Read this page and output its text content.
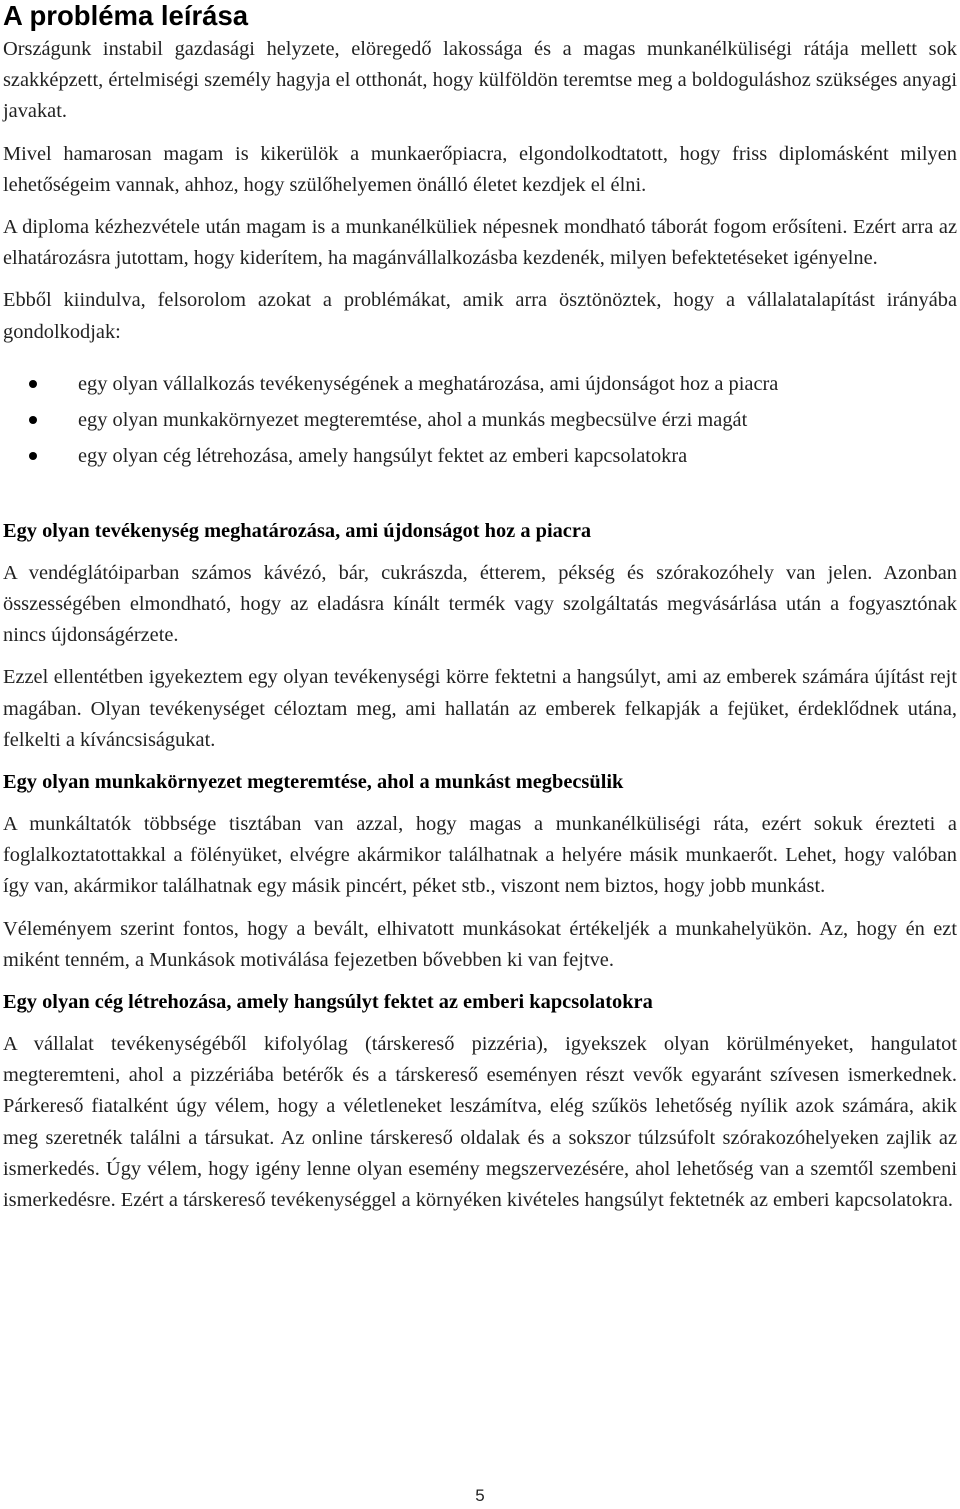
A probléma leírása

Országunk instabil gazdasági helyzete, elöregedő lakossága és a magas munkanélküliségi rátája mellett sok szakképzett, értelmiségi személy hagyja el otthonát, hogy külföldön teremtse meg a boldoguláshoz szükséges anyagi javakat.

Mivel hamarosan magam is kikerülök a munkaerőpiacra, elgondolkodtatott, hogy friss diplomásként milyen lehetőségeim vannak, ahhoz, hogy szülőhelyemen önálló életet kezdjek el élni.

A diploma kézhezvétele után magam is a munkanélküliek népesnek mondható táborát fogom erősíteni. Ezért arra az elhatározásra jutottam, hogy kiderítem, ha magánvállalkozásba kezdenék, milyen befektetéseket igényelne.

Ebből kiindulva, felsorolom azokat a problémákat, amik arra ösztönöztek, hogy a vállalatalapítást irányába gondolkodjak:

egy olyan vállalkozás tevékenységének a meghatározása, ami újdonságot hoz a piacra
egy olyan munkakörnyezet megteremtése, ahol a munkás megbecsülve érzi magát
egy olyan cég létrehozása, amely hangsúlyt fektet az emberi kapcsolatokra
Egy olyan tevékenység meghatározása, ami újdonságot hoz a piacra

A vendéglátóiparban számos kávézó, bár, cukrászda, étterem, pékség és szórakozóhely van jelen. Azonban összességében elmondható, hogy az eladásra kínált termék vagy szolgáltatás megvásárlása után a fogyasztónak nincs újdonságérzete.

Ezzel ellentétben igyekeztem egy olyan tevékenységi körre fektetni a hangsúlyt, ami az emberek számára újítást rejt magában. Olyan tevékenységet céloztam meg, ami hallatán az emberek felkapják a fejüket, érdeklődnek utána, felkelti a kíváncsiságukat.

Egy olyan munkakörnyezet megteremtése, ahol a munkást megbecsülik

A munkáltatók többsége tisztában van azzal, hogy magas a munkanélküliségi ráta, ezért sokuk érezteti a foglalkoztatottakkal a fölényüket, elvégre akármikor találhatnak a helyére másik munkaerőt. Lehet, hogy valóban így van, akármikor találhatnak egy másik pincért, péket stb., viszont nem biztos, hogy jobb munkást.

Véleményem szerint fontos, hogy a bevált, elhivatott munkásokat értékeljék a munkahelyükön. Az, hogy én ezt miként tenném, a Munkások motiválása fejezetben bővebben ki van fejtve.

Egy olyan cég létrehozása, amely hangsúlyt fektet az emberi kapcsolatokra

A vállalat tevékenységéből kifolyólag (társkereső pizzéria), igyekszek olyan körülményeket, hangulatot megteremteni, ahol a pizzériába betérők és a társkereső eseményen részt vevők egyaránt szívesen ismerkednek. Párkereső fiatalként úgy vélem, hogy a véletleneket leszámítva, elég szűkös lehetőség nyílik azok számára, akik meg szeretnék találni a társukat. Az online társkereső oldalak és a sokszor túlzsúfolt szórakozóhelyeken zajlik az ismerkedés. Úgy vélem, hogy igény lenne olyan esemény megszervezésére, ahol lehetőség van a szemtől szembeni ismerkedésre. Ezért a társkereső tevékenységgel a környéken kivételes hangsúlyt fektetnék az emberi kapcsolatokra.

5
